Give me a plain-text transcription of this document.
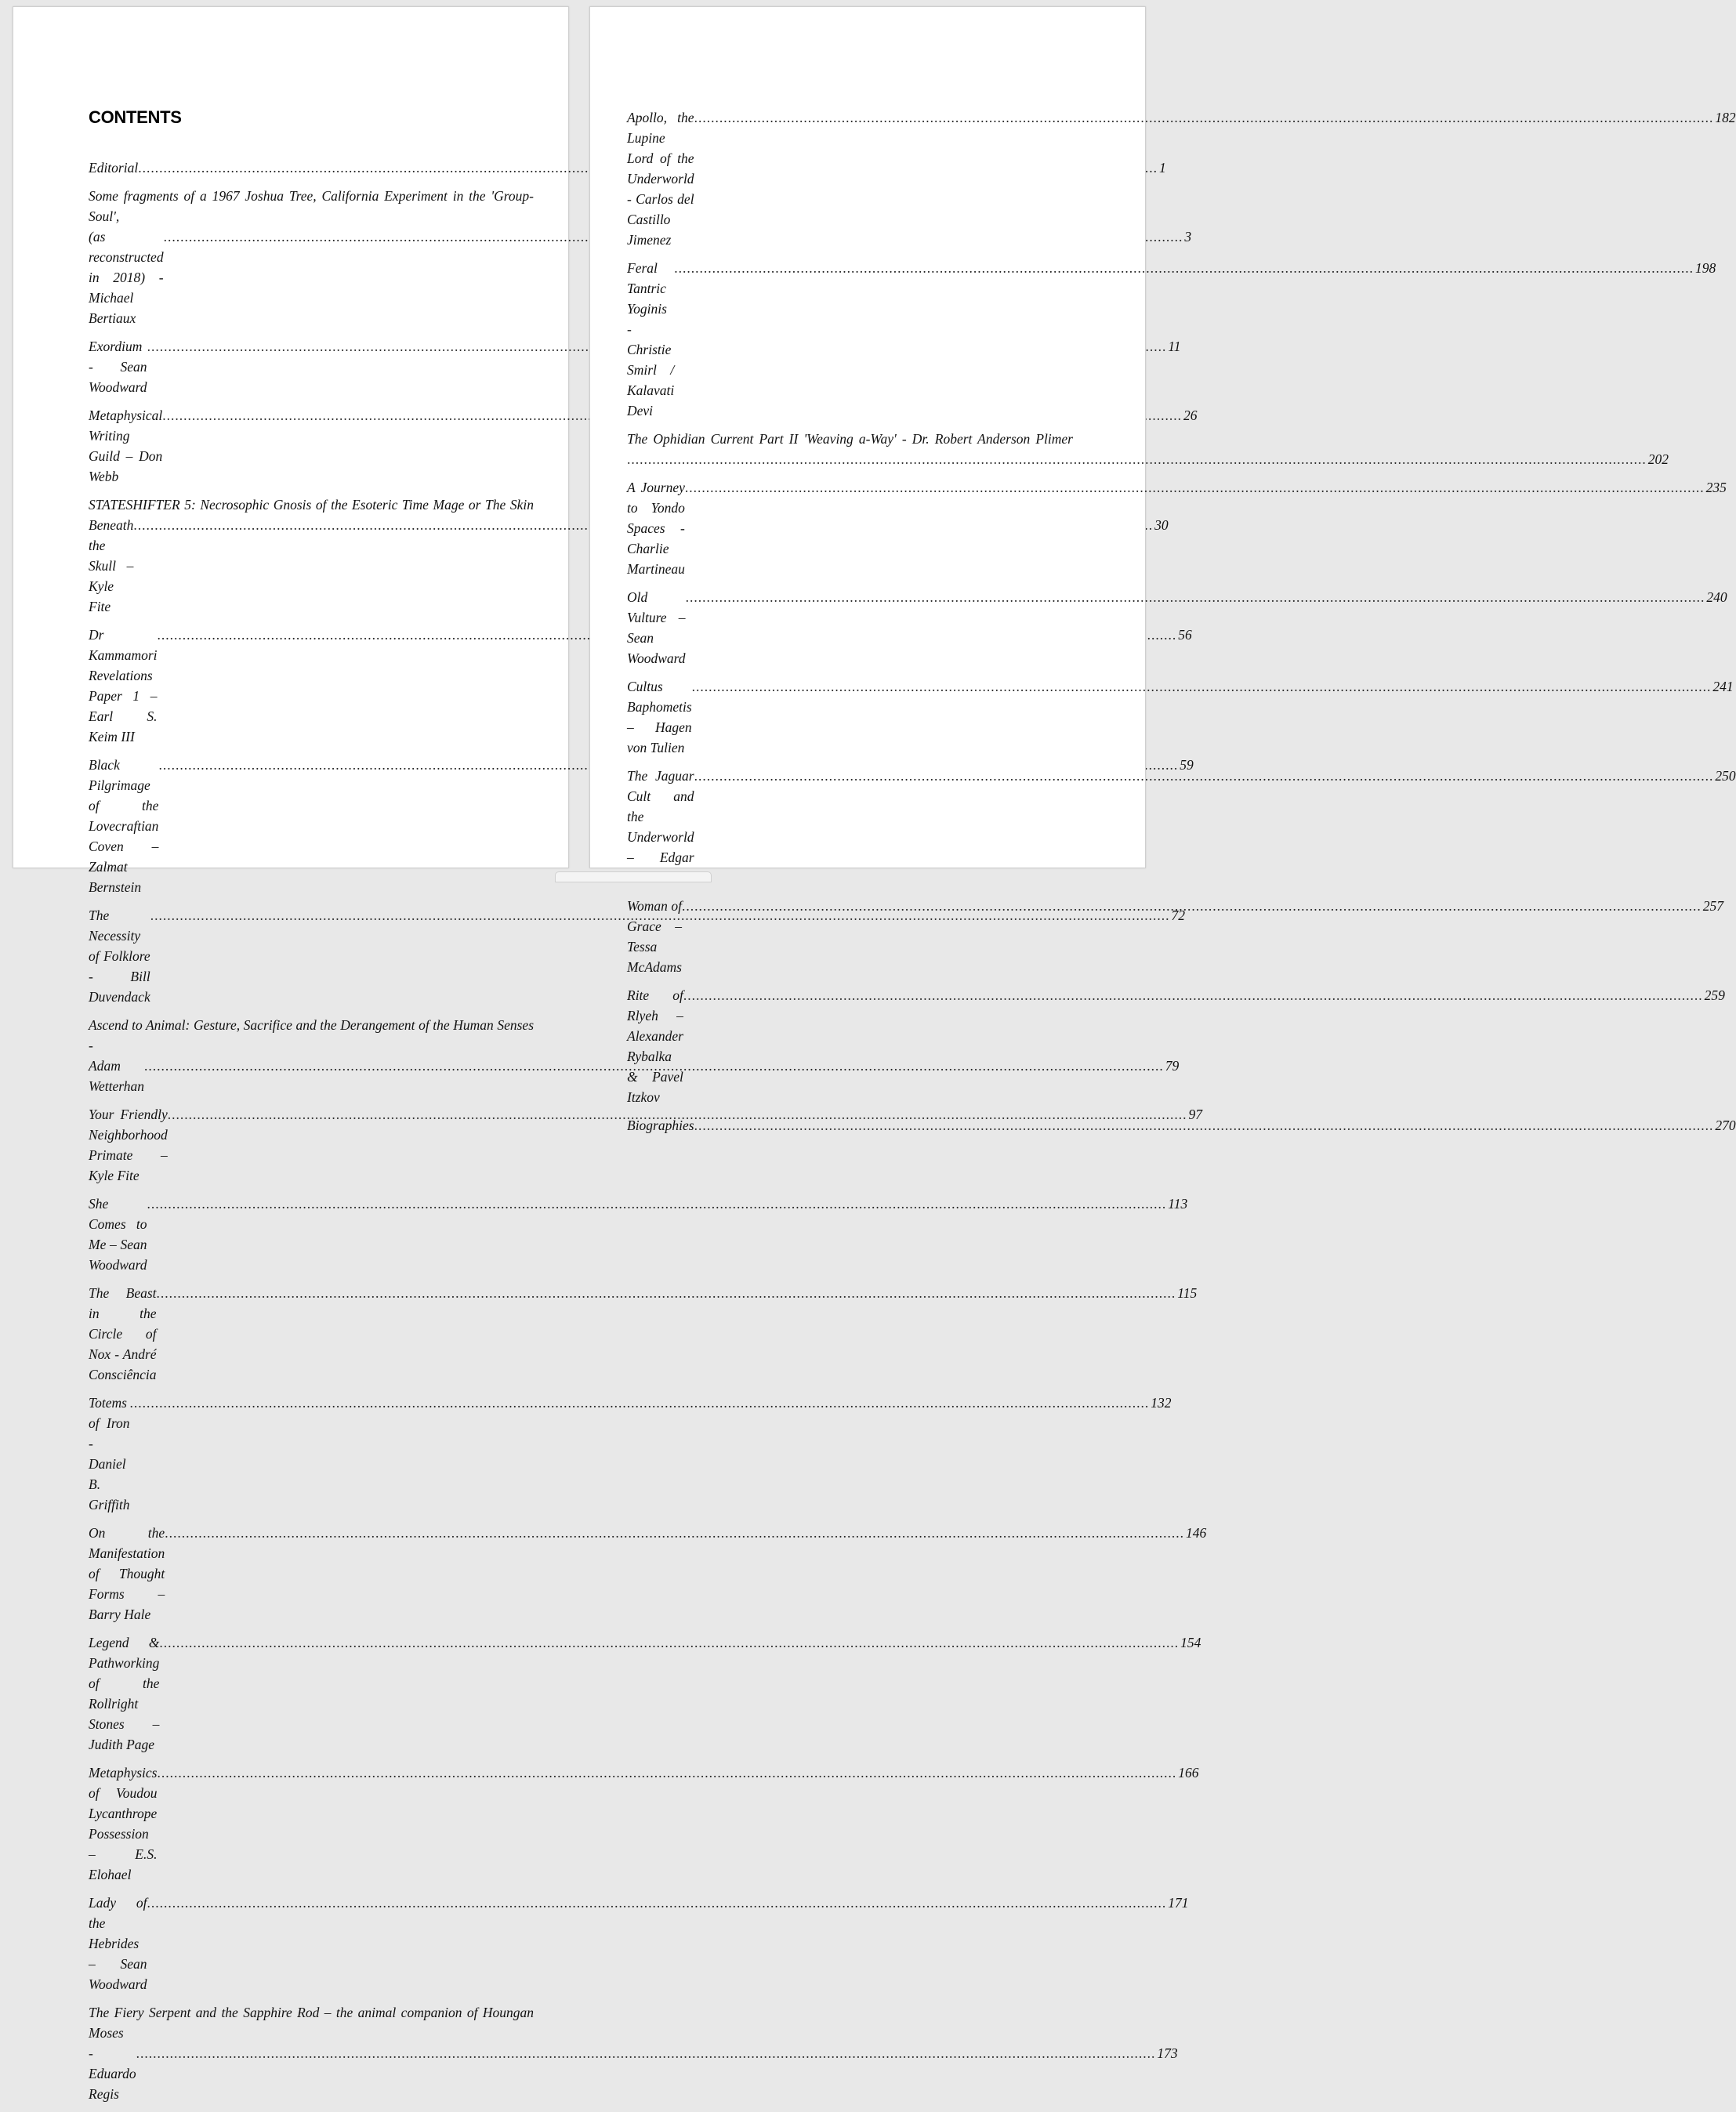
CONTENTS
Editorial .....	1
Some fragments of a 1967 Joshua Tree, California Experiment in the 'Group-Soul',
(as reconstructed in 2018) - Michael Bertiaux
.....
3
Exordium - Sean Woodward
.....
11
Metaphysical Writing Guild – Don Webb
.....
26
STATESHIFTER 5: Necrosophic Gnosis of the Esoteric Time Mage or The Skin
Beneath the Skull – Kyle Fite
.....
30
Dr Kammamori Revelations Paper 1 – Earl S. Keim III
.....
56
Black Pilgrimage of the Lovecraftian Coven – Zalmat Bernstein
.....
59
The Necessity of Folklore - Bill Duvendack
.....
72
Ascend to Animal: Gesture, Sacrifice and the Derangement of the Human Senses -
Adam Wetterhan
.....
79
Your Friendly Neighborhood Primate – Kyle Fite
.....
97
She Comes to Me – Sean Woodward
.....
113
The Beast in the Circle of Nox - André Consciência
.....
115
Totems of Iron - Daniel B. Griffith
.....
132
On the Manifestation of Thought Forms – Barry Hale
.....
146
Legend & Pathworking of the Rollright Stones – Judith Page
.....
154
Metaphysics of Voudou Lycanthrope Possession – E.S. Elohael
.....
166
Lady of the Hebrides – Sean Woodward
.....
171
The Fiery Serpent and the Sapphire Rod – the animal companion of Houngan Moses
- Eduardo Regis
.....
173
Apollo, the Lupine Lord of the Underworld - Carlos del Castillo Jimenez
.....
182
Feral Tantric Yoginis - Christie Smirl / Kalavati Devi
.....
198
The Ophidian Current Part II 'Weaving a-Way' - Dr. Robert Anderson Plimer
.....
202
A Journey to Yondo Spaces - Charlie Martineau
.....
235
Old Vulture – Sean Woodward
.....
240
Cultus Baphometis – Hagen von Tulien
.....
241
The Jaguar Cult and the Underworld – Edgar
.....
250
Woman of Grace – Tessa McAdams
.....
257
Rite of Rlyeh – Alexander Rybalka & Pavel Itzkov
.....
259
Biographies .....	270
